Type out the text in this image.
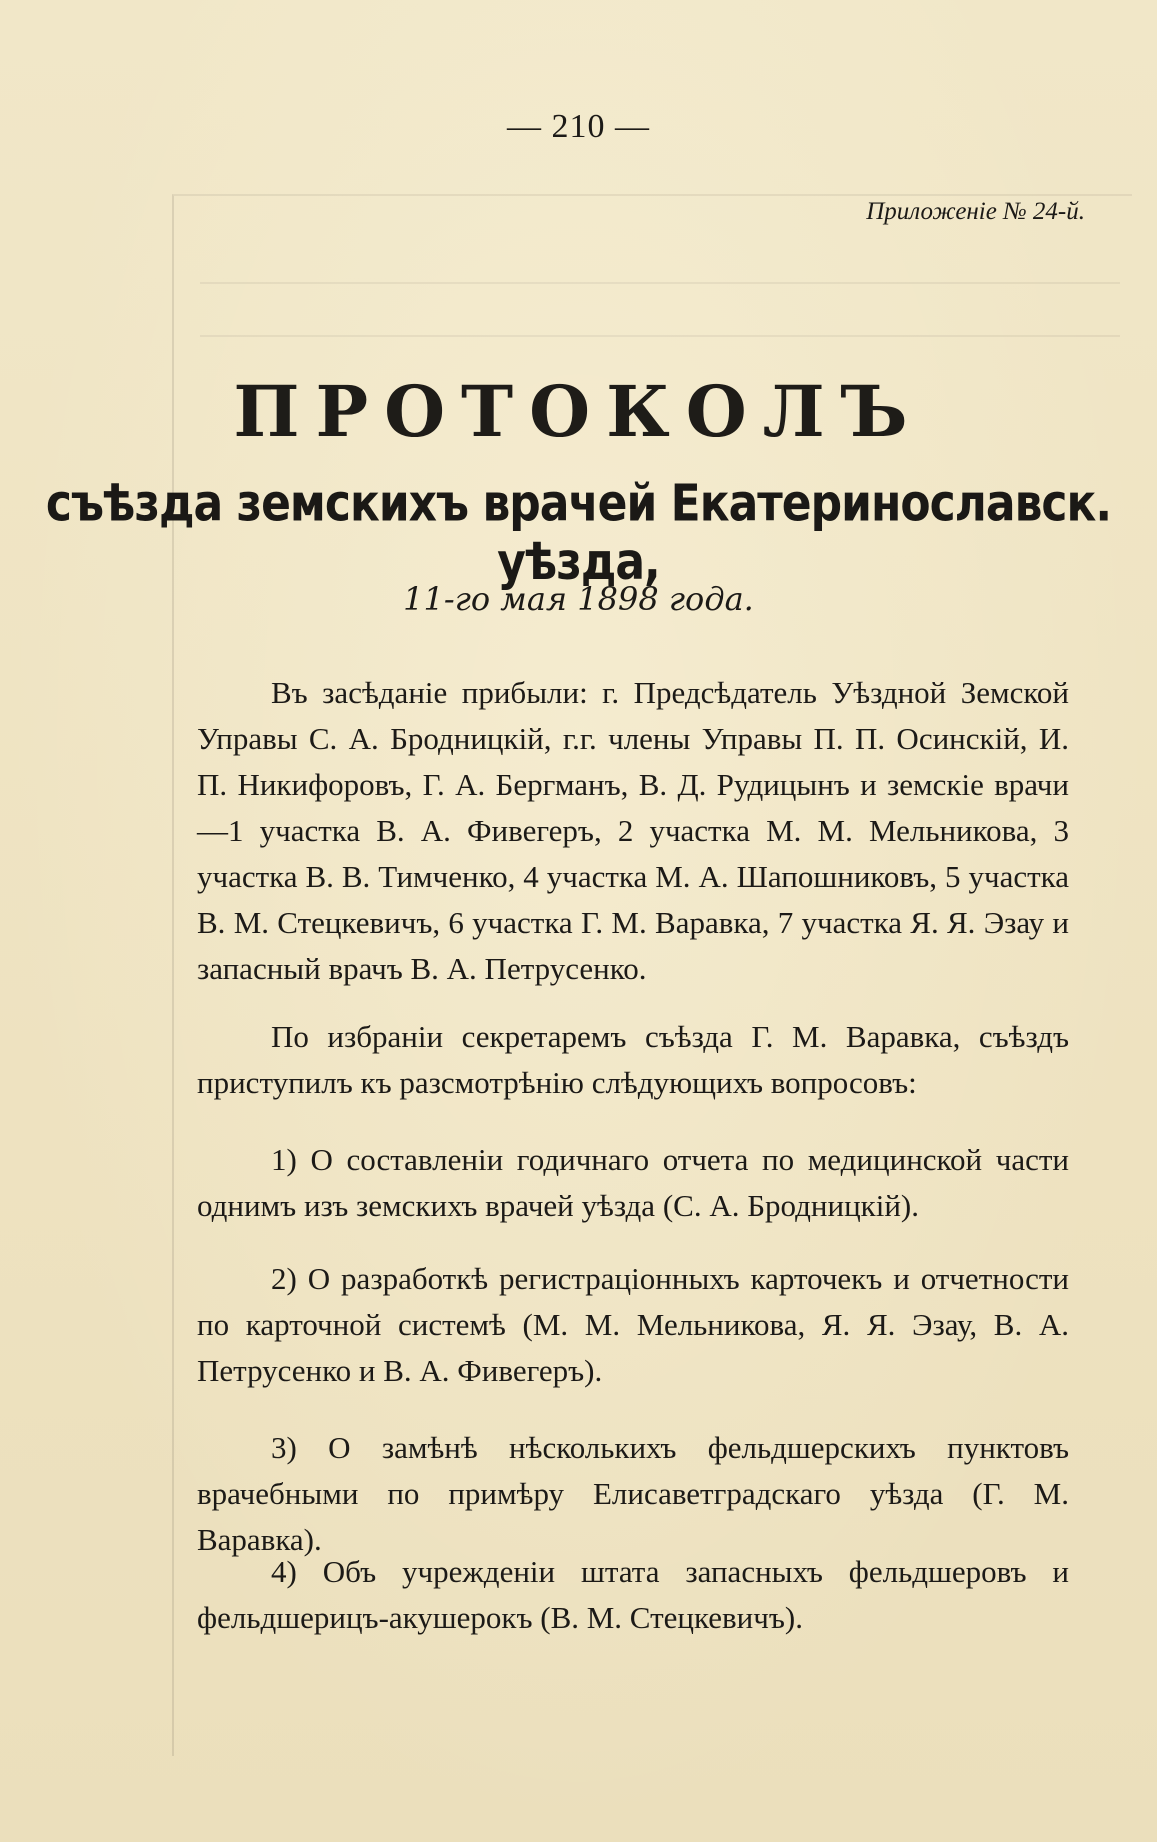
— 210 —
Приложеніе № 24-й.
ПРОТОКОЛЪ
съѣзда земскихъ врачей Екатеринославск. уѣзда,
11-го мая 1898 года.
Въ засѣданіе прибыли: г. Предсѣдатель Уѣздной Земской Управы С. А. Бродницкій, г.г. члены Управы П. П. Осинскій, И. П. Никифоровъ, Г. А. Бергманъ, В. Д. Рудицынъ и земскіе врачи—1 участка В. А. Фивегеръ, 2 участка М. М. Мельникова, 3 участка В. В. Тимченко, 4 участка М. А. Шапошниковъ, 5 участка В. М. Стецкевичъ, 6 участка Г. М. Варавка, 7 участка Я. Я. Эзау и запасный врачъ В. А. Петрусенко.
По избраніи секретаремъ съѣзда Г. М. Варавка, съѣздъ приступилъ къ разсмотрѣнію слѣдующихъ вопросовъ:
1) О составленіи годичнаго отчета по медицинской части однимъ изъ земскихъ врачей уѣзда (С. А. Бродницкій).
2) О разработкѣ регистраціонныхъ карточекъ и отчетности по карточной системѣ (М. М. Мельникова, Я. Я. Эзау, В. А. Петрусенко и В. А. Фивегеръ).
3) О замѣнѣ нѣсколькихъ фельдшерскихъ пунктовъ врачебными по примѣру Елисаветградскаго уѣзда (Г. М. Варавка).
4) Объ учрежденіи штата запасныхъ фельдшеровъ и фельдшерицъ-акушерокъ (В. М. Стецкевичъ).
